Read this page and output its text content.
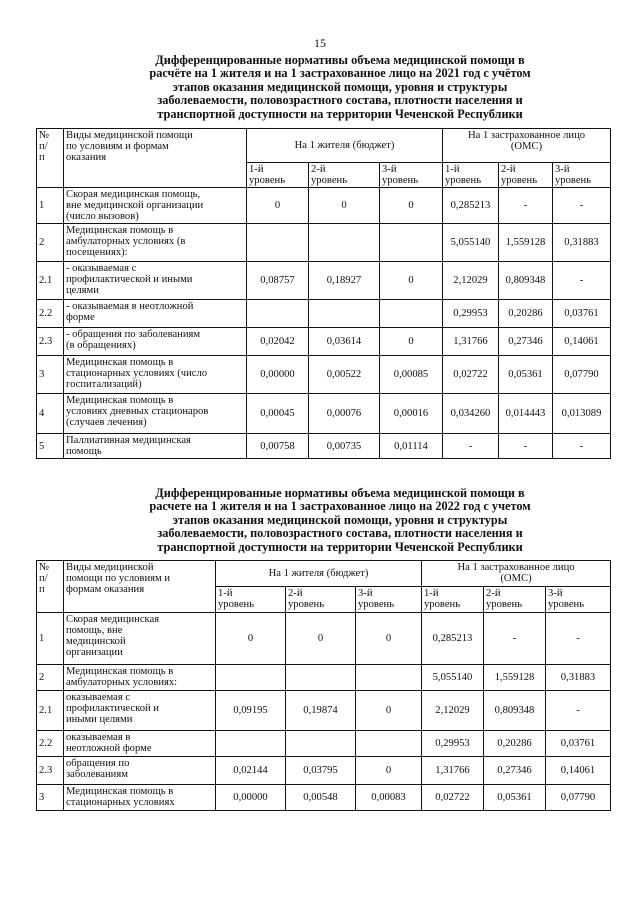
15
Дифференцированные нормативы объема медицинской помощи в
расчёте на 1 жителя и на 1 застрахованное лицо на 2021 год с учётом
этапов оказания медицинской помощи, уровня и структуры
заболеваемости, половозрастного состава, плотности населения и
транспортной доступности на территории Чеченской Республики
№
п/
п	Виды медицинской помощи
по условиям и формам
оказания	На 1 жителя (бюджет)			На 1 застрахованное лицо
(ОМС)		
		1-й
уровень	2-й
уровень	3-й
уровень	1-й
уровень	2-й
уровень	3-й
уровень
1	Скорая медицинская помощь,
вне медицинской организации
(число вызовов)	0	0	0	0,285213	-	-
2	Медицинская помощь в
амбулаторных условиях (в
посещениях):				5,055140	1,559128	0,31883
2.1	- оказываемая с
профилактической и иными
целями	0,08757	0,18927	0	2,12029	0,809348	-
2.2	- оказываемая в неотложной
форме				0,29953	0,20286	0,03761
2.3	- обращения по заболеваниям
(в обращениях)	0,02042	0,03614	0	1,31766	0,27346	0,14061
3	Медицинская помощь в
стационарных условиях (число
госпитализаций)	0,00000	0,00522	0,00085	0,02722	0,05361	0,07790
4	Медицинская помощь в
условиях дневных стационаров
(случаев лечения)	0,00045	0,00076	0,00016	0,034260	0,014443	0,013089
5	Паллиативная медицинская
помощь	0,00758	0,00735	0,01114	-	-	-
Дифференцированные нормативы объема медицинской помощи в
расчете на 1 жителя и на 1 застрахованное лицо на 2022 год с учетом
этапов оказания медицинской помощи, уровня и структуры
заболеваемости, половозрастного состава, плотности населения и
транспортной доступности на территории Чеченской Республики
№
п/
п	Виды медицинской
помощи по условиям и
формам оказания	На 1 жителя (бюджет)			На 1 застрахованное лицо
(ОМС)		
		1-й
уровень	2-й
уровень	3-й
уровень	1-й
уровень	2-й
уровень	3-й
уровень
1	Скорая медицинская
помощь, вне
медицинской
организации	0	0	0	0,285213	-	-
2	Медицинская помощь в
амбулаторных условиях:				5,055140	1,559128	0,31883
2.1	оказываемая с
профилактической и
иными целями	0,09195	0,19874	0	2,12029	0,809348	-
2.2	оказываемая в
неотложной форме				0,29953	0,20286	0,03761
2.3	обращения по
заболеваниям	0,02144	0,03795	0	1,31766	0,27346	0,14061
3	Медицинская помощь в
стационарных условиях	0,00000	0,00548	0,00083	0,02722	0,05361	0,07790
